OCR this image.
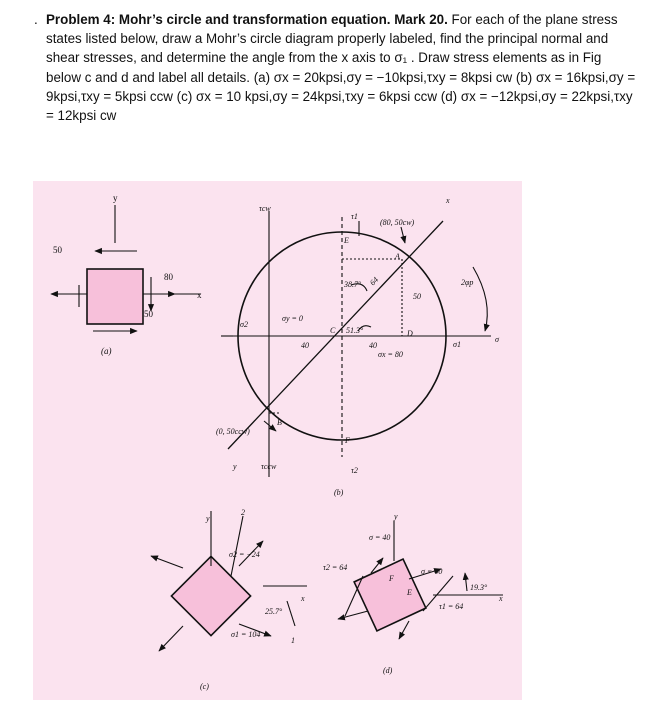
. Problem 4: Mohr’s circle and transformation equation. Mark 20. For each of the plane stress states listed below, draw a Mohr’s circle diagram properly labeled, find the principal normal and shear stresses, and determine the angle from the x axis to σ₁ . Draw stress elements as in Fig below c and d and label all details. (a) σx = 20kpsi,σy = −10kpsi,τxy = 8kpsi cw (b) σx = 16kpsi,σy = 9kpsi,τxy = 5kpsi ccw (c) σx = 10 kpsi,σy = 24kpsi,τxy = 6kpsi ccw (d) σx = −12kpsi,σy = 22kpsi,τxy = 12kpsi cw
y
50
80
x
50
(a)
τcw
τ1
E
(80, 50cw)
x
A
2φp
38.7° 64
50
σ2
σy = 0
C 51.3°	D
σ1
σ
40	40
σx = 80
B
(0, 50ccw)
F
y	τccw	τ2
(b)
y
2
σ2 = −24
x
25.7°
σ1 = 104
1
(c)
y
σ = 40
τ2 = 64
F
E
σ = 40
19.3°
τ1 = 64
x
(d)
